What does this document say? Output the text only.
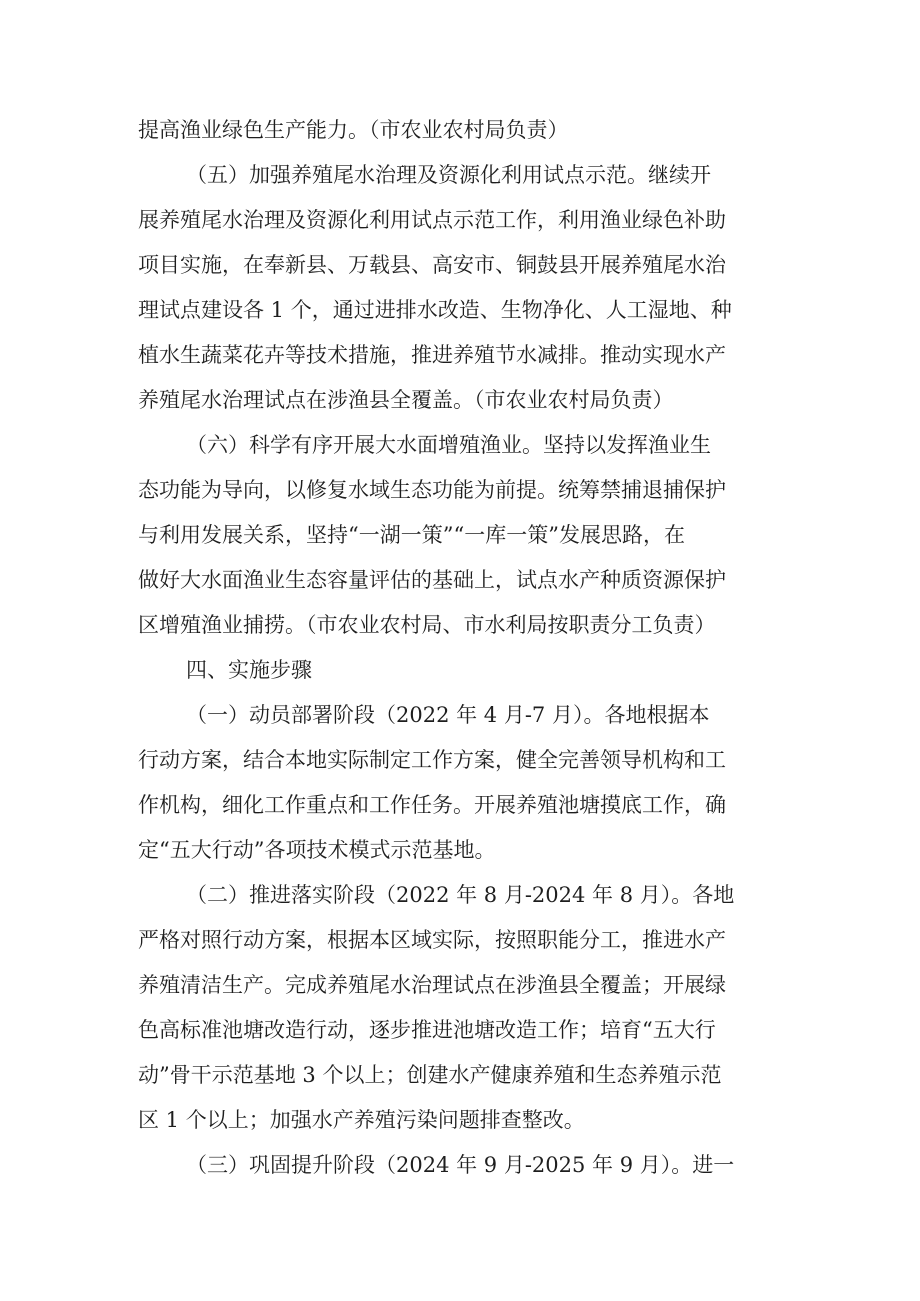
提高渔业绿色生产能力。（市农业农村局负责）
（五）加强养殖尾水治理及资源化利用试点示范。继续开
展养殖尾水治理及资源化利用试点示范工作，利用渔业绿色补助
项目实施，在奉新县、万载县、高安市、铜鼓县开展养殖尾水治
理试点建设各 1 个，通过进排水改造、生物净化、人工湿地、种
植水生蔬菜花卉等技术措施，推进养殖节水减排。推动实现水产
养殖尾水治理试点在涉渔县全覆盖。（市农业农村局负责）
（六）科学有序开展大水面增殖渔业。坚持以发挥渔业生
态功能为导向，以修复水域生态功能为前提。统筹禁捕退捕保护
与利用发展关系，坚持“一湖一策”“一库一策”发展思路，在
做好大水面渔业生态容量评估的基础上，试点水产种质资源保护
区增殖渔业捕捞。（市农业农村局、市水利局按职责分工负责）
四、实施步骤
（一）动员部署阶段（2022 年 4 月-7 月）。各地根据本
行动方案，结合本地实际制定工作方案，健全完善领导机构和工
作机构，细化工作重点和工作任务。开展养殖池塘摸底工作，确
定“五大行动”各项技术模式示范基地。
（二）推进落实阶段（2022 年 8 月-2024 年 8 月）。各地
严格对照行动方案，根据本区域实际，按照职能分工，推进水产
养殖清洁生产。完成养殖尾水治理试点在涉渔县全覆盖；开展绿
色高标准池塘改造行动，逐步推进池塘改造工作；培育“五大行
动”骨干示范基地 3 个以上；创建水产健康养殖和生态养殖示范
区 1 个以上；加强水产养殖污染问题排查整改。
（三）巩固提升阶段（2024 年 9 月-2025 年 9 月）。进一
